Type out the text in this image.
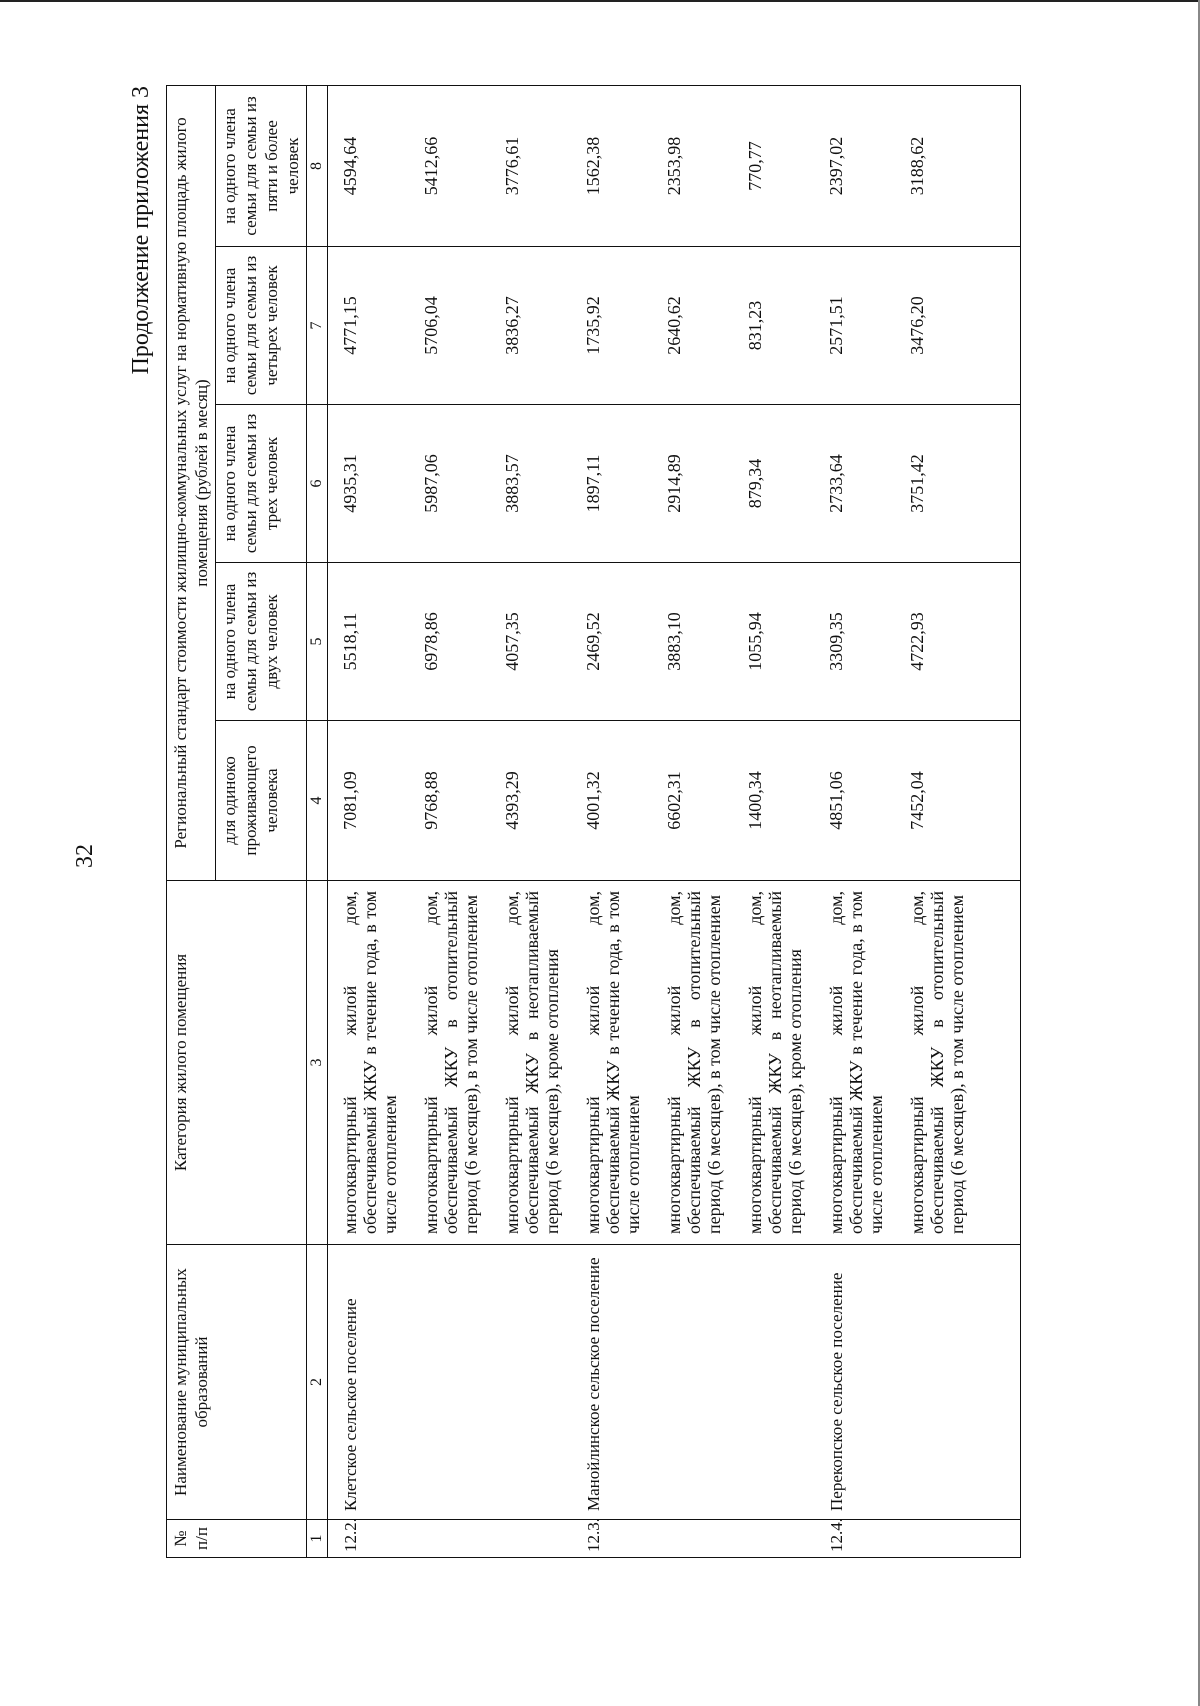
32
Продолжение приложения 3
№ п/п	Наименование муниципальных образований	Категория жилого помещения	Региональный стандарт стоимости жилищно-коммунальных услуг на нормативную площадь жилого помещения (рублей в месяц)				
			для одиноко проживающего человека	на одного члена семьи для семьи из двух человек	на одного члена семьи для семьи из трех человек	на одного члена семьи для семьи из четырех человек	на одного члена семьи для семьи из пяти и более человек
1	2	3	4	5	6	7	8
12.2.	Клетское сельское поселение	многоквартирный жилой дом, обеспечиваемый ЖКУ в течение года, в том числе отоплением	7081,09	5518,11	4935,31	4771,15	4594,64
		многоквартирный жилой дом, обеспечиваемый ЖКУ в отопительный период (6 месяцев), в том числе отоплением	9768,88	6978,86	5987,06	5706,04	5412,66
		многоквартирный жилой дом, обеспечиваемый ЖКУ в неотапливаемый период (6 месяцев), кроме отопления	4393,29	4057,35	3883,57	3836,27	3776,61
12.3.	Манойлинское сельское поселение	многоквартирный жилой дом, обеспечиваемый ЖКУ в течение года, в том числе отоплением	4001,32	2469,52	1897,11	1735,92	1562,38
		многоквартирный жилой дом, обеспечиваемый ЖКУ в отопительный период (6 месяцев), в том числе отоплением	6602,31	3883,10	2914,89	2640,62	2353,98
		многоквартирный жилой дом, обеспечиваемый ЖКУ в неотапливаемый период (6 месяцев), кроме отопления	1400,34	1055,94	879,34	831,23	770,77
12.4.	Перекопское сельское поселение	многоквартирный жилой дом, обеспечиваемый ЖКУ в течение года, в том числе отоплением	4851,06	3309,35	2733,64	2571,51	2397,02
		многоквартирный жилой дом, обеспечиваемый ЖКУ в отопительный период (6 месяцев), в том числе отоплением	7452,04	4722,93	3751,42	3476,20	3188,62
